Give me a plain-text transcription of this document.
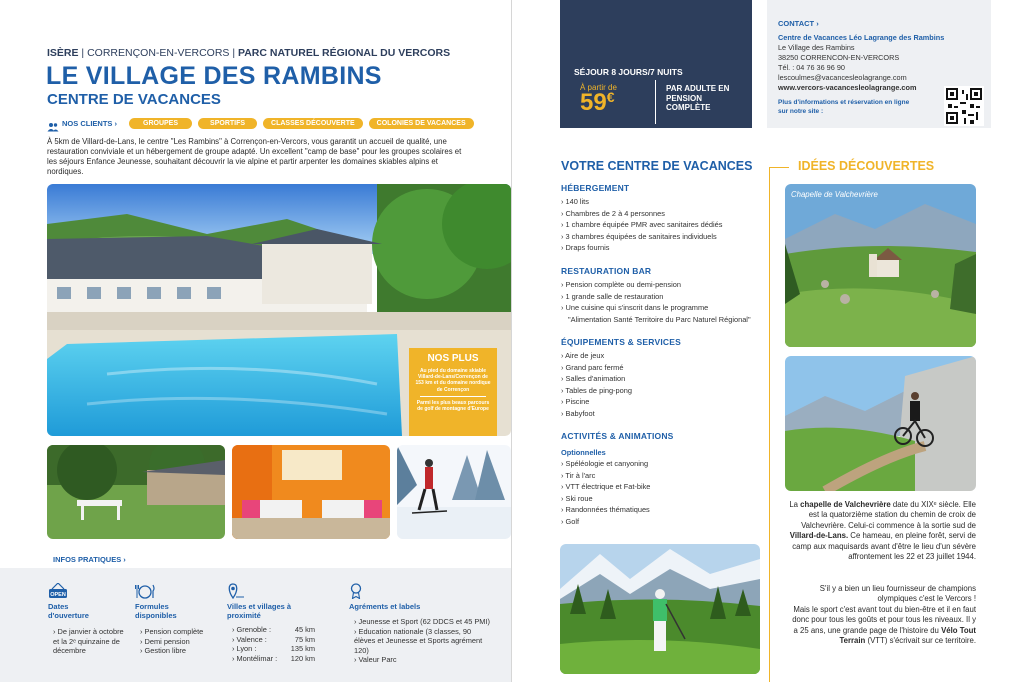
ISÈRE | CORRENÇON-EN-VERCORS | PARC NATUREL RÉGIONAL DU VERCORS
LE VILLAGE DES RAMBINS
CENTRE DE VACANCES
NOS CLIENTS ›	GROUPES	SPORTIFS	CLASSES DÉCOUVERTE	COLONIES DE VACANCES

À 5km de Villard-de-Lans, le centre "Les Rambins" à Corrençon-en-Vercors, vous garantit un accueil de qualité, une restauration conviviale et un hébergement de groupe adapté. Un excellent "camp de base" pour les groupes scolaires et les séjours Enfance Jeunesse, souhaitant découvrir la vie alpine et partir arpenter les domaines skiables alpins et nordiques.

NOS PLUS
Au pied du domaine skiable Villard-de-Lans/Corrençon de 153 km et du domaine nordique de Corrençon
Parmi les plus beaux parcours de golf de montagne d'Europe
INFOS PRATIQUES ›
OPEN
Dates d'ouverture
› De janvier à octobre et la 2ᵉ quinzaine de décembre
Formules disponibles
› Pension complète
› Demi pension
› Gestion libre
Villes et villages à proximité
› Grenoble :	45 km
› Valence :	75 km
› Lyon :	135 km
› Montélimar : 120 km
Agréments et labels
› Jeunesse et Sport (62 DDCS et 45 PMI)
› Education nationale (3 classes, 90 élèves et Jeunesse et Sports agrément 120)
› Valeur Parc
SÉJOUR 8 JOURS/7 NUITS
À partir de
59€
PAR ADULTE EN PENSION COMPLÈTE
CONTACT ›
Centre de Vacances Léo Lagrange des Rambins
Le Village des Rambins
38250 CORRENCON-EN-VERCORS
Tél. : 04 76 36 96 90
lescoulmes@vacancesleolagrange.com
www.vercors-vacancesleolagrange.com
Plus d'informations et réservation en ligne sur notre site :
VOTRE CENTRE DE VACANCES
HÉBERGEMENT
› 140 lits
› Chambres de 2 à 4 personnes
› 1 chambre équipée PMR avec sanitaires dédiés
› 3 chambres équipées de sanitaires individuels
› Draps fournis
RESTAURATION BAR
› Pension complète ou demi-pension
› 1 grande salle de restauration
› Une cuisine qui s'inscrit dans le programme
"Alimentation Santé Territoire du Parc Naturel Régional"
ÉQUIPEMENTS & SERVICES
› Aire de jeux
› Grand parc fermé
› Salles d'animation
› Tables de ping-pong
› Piscine
› Babyfoot
ACTIVITÉS & ANIMATIONS
Optionnelles
› Spéléologie et canyoning
› Tir à l'arc
› VTT électrique et Fat-bike
› Ski roue
› Randonnées thématiques
› Golf
IDÉES DÉCOUVERTES
Chapelle de Valchevrière

La chapelle de Valchevrière date du XIXᵉ siècle. Elle est la quatorzième station du chemin de croix de Valchevrière. Celui-ci commence à la sortie sud de Villard-de-Lans. Ce hameau, en pleine forêt, servi de camp aux maquisards avant d'être le lieu d'un sévère affrontement les 22 et 23 juillet 1944.

S'il y a bien un lieu fournisseur de champions olympiques c'est le Vercors !

Mais le sport c'est avant tout du bien-être et il en faut donc pour tous les goûts et pour tous les niveaux. Il y a 25 ans, une grande page de l'histoire du Vélo Tout Terrain (VTT) s'écrivait sur ce territoire.
